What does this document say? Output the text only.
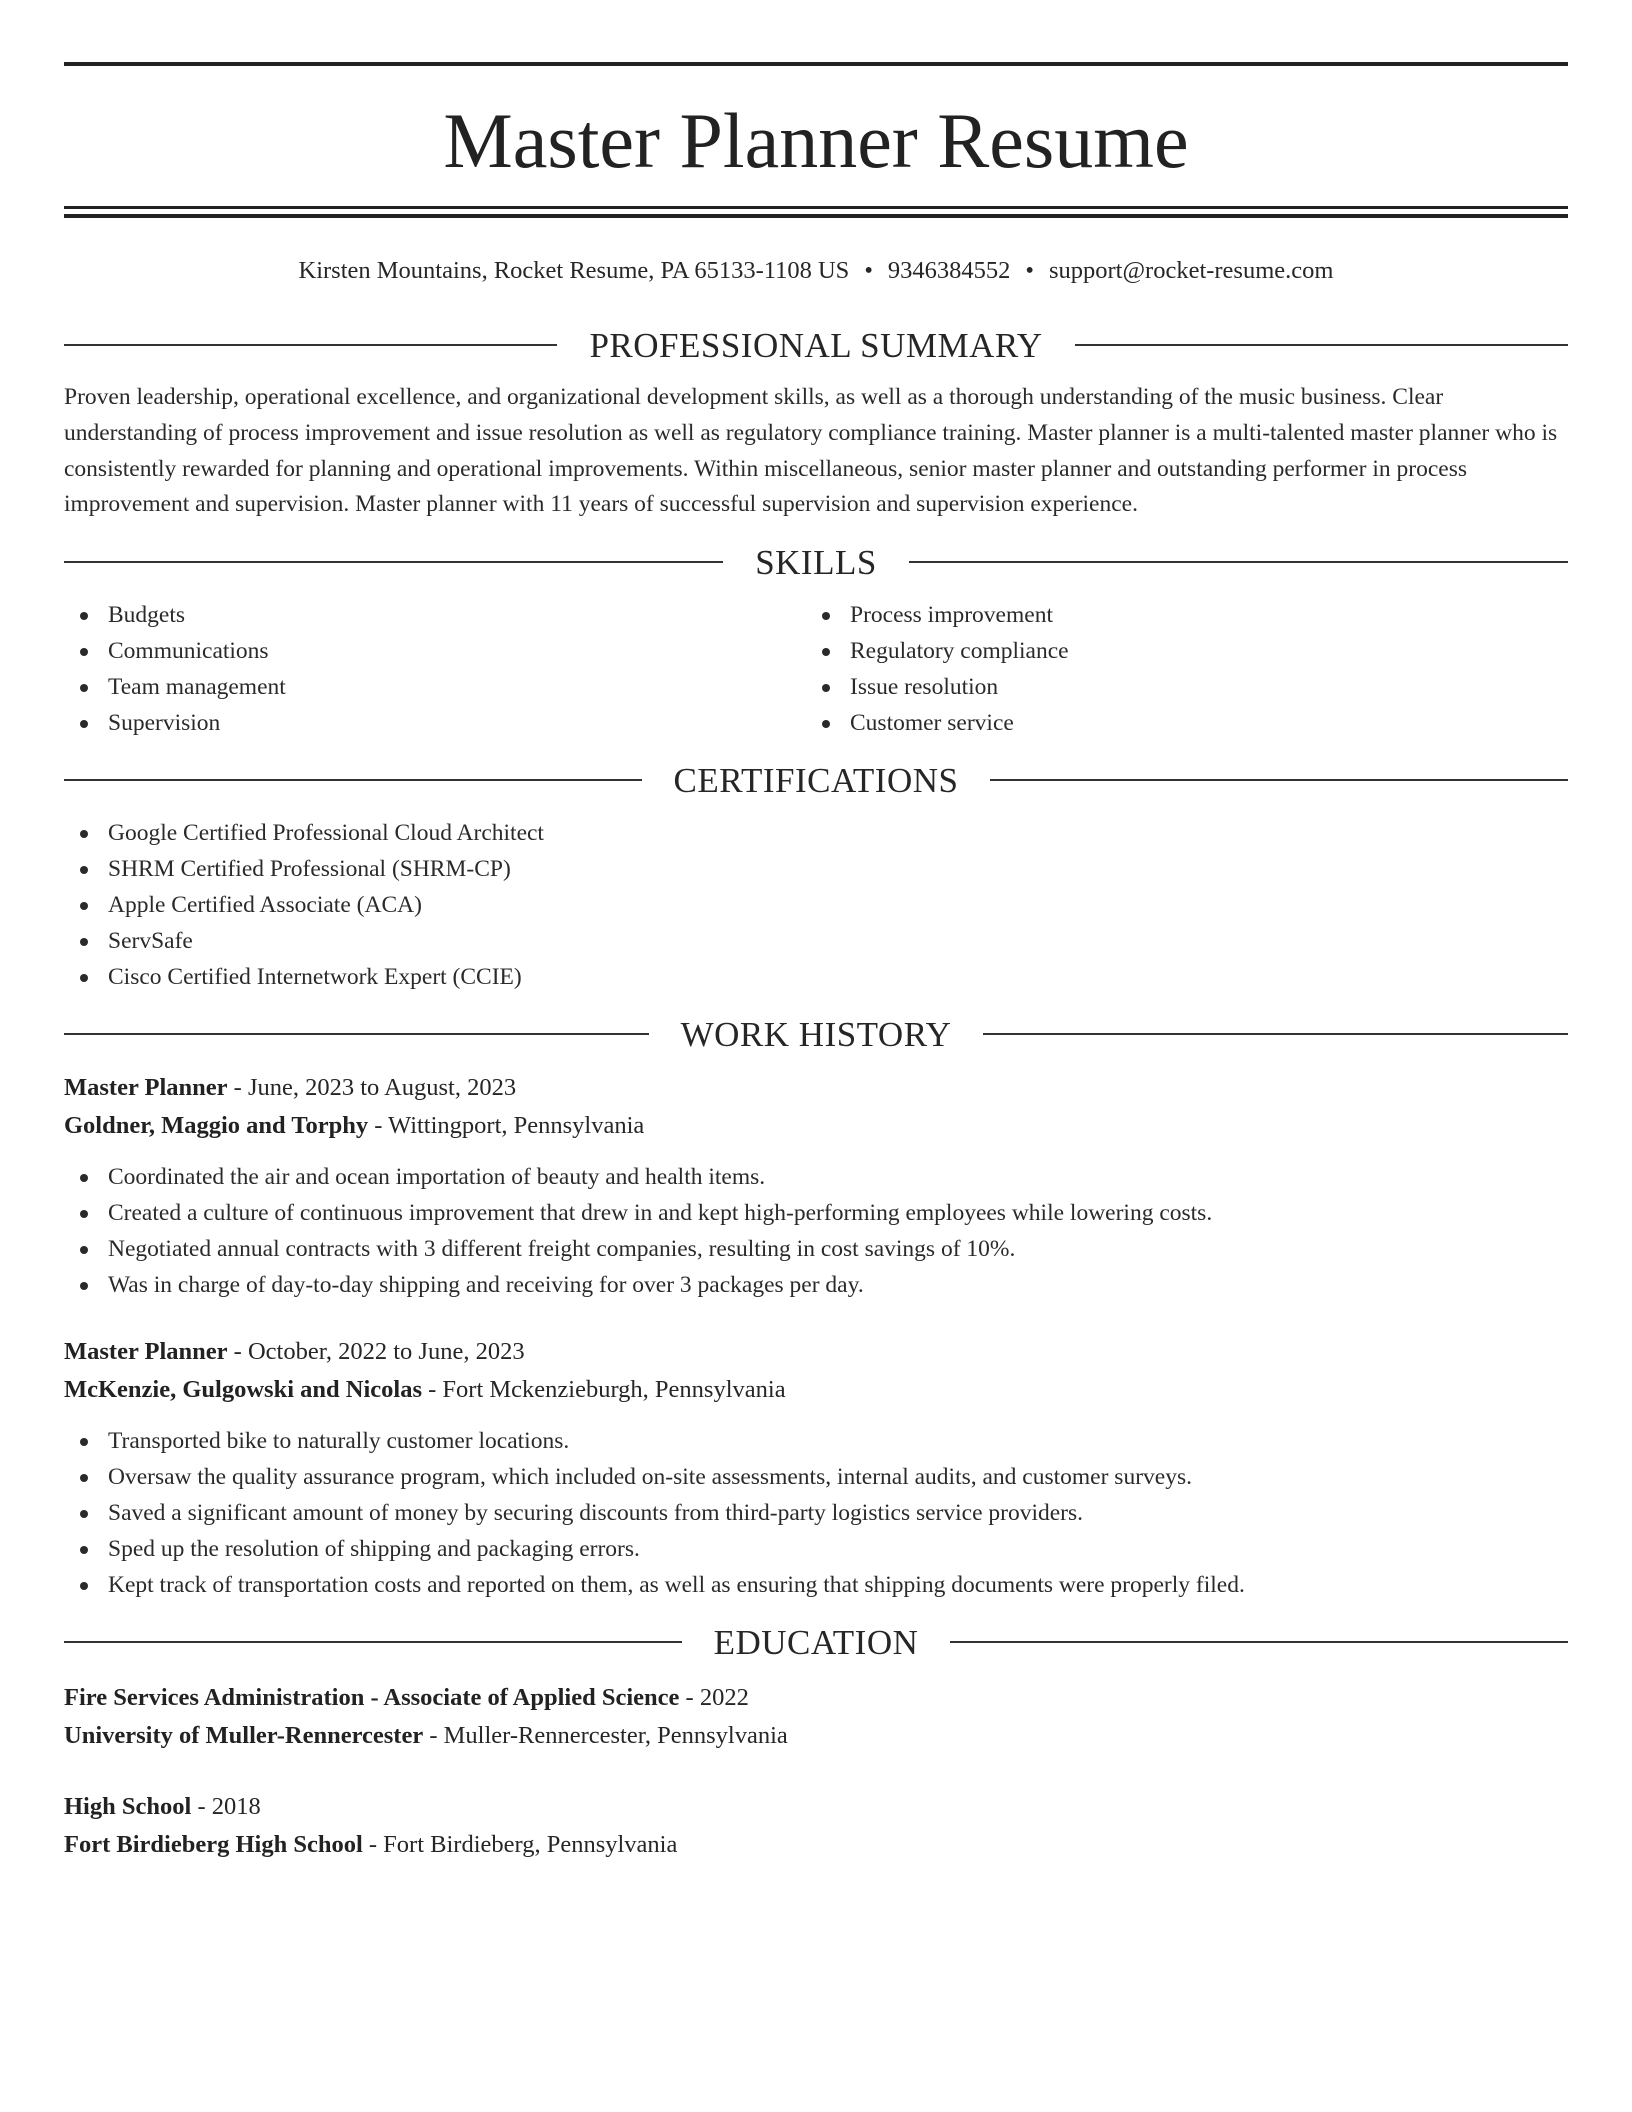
Master Planner Resume
Kirsten Mountains, Rocket Resume, PA 65133-1108 US • 9346384552 • support@rocket-resume.com
PROFESSIONAL SUMMARY

Proven leadership, operational excellence, and organizational development skills, as well as a thorough understanding of the music business. Clear understanding of process improvement and issue resolution as well as regulatory compliance training. Master planner is a multi-talented master planner who is consistently rewarded for planning and operational improvements. Within miscellaneous, senior master planner and outstanding performer in process improvement and supervision. Master planner with 11 years of successful supervision and supervision experience.

SKILLS
Budgets
Communications
Team management
Supervision
Process improvement
Regulatory compliance
Issue resolution
Customer service
CERTIFICATIONS
Google Certified Professional Cloud Architect
SHRM Certified Professional (SHRM-CP)
Apple Certified Associate (ACA)
ServSafe
Cisco Certified Internetwork Expert (CCIE)
WORK HISTORY
Master Planner - June, 2023 to August, 2023
Goldner, Maggio and Torphy - Wittingport, Pennsylvania
Coordinated the air and ocean importation of beauty and health items.
Created a culture of continuous improvement that drew in and kept high-performing employees while lowering costs.
Negotiated annual contracts with 3 different freight companies, resulting in cost savings of 10%.
Was in charge of day-to-day shipping and receiving for over 3 packages per day.
Master Planner - October, 2022 to June, 2023
McKenzie, Gulgowski and Nicolas - Fort Mckenzieburgh, Pennsylvania
Transported bike to naturally customer locations.
Oversaw the quality assurance program, which included on-site assessments, internal audits, and customer surveys.
Saved a significant amount of money by securing discounts from third-party logistics service providers.
Sped up the resolution of shipping and packaging errors.
Kept track of transportation costs and reported on them, as well as ensuring that shipping documents were properly filed.
EDUCATION
Fire Services Administration - Associate of Applied Science - 2022
University of Muller-Rennercester - Muller-Rennercester, Pennsylvania
High School - 2018
Fort Birdieberg High School - Fort Birdieberg, Pennsylvania
